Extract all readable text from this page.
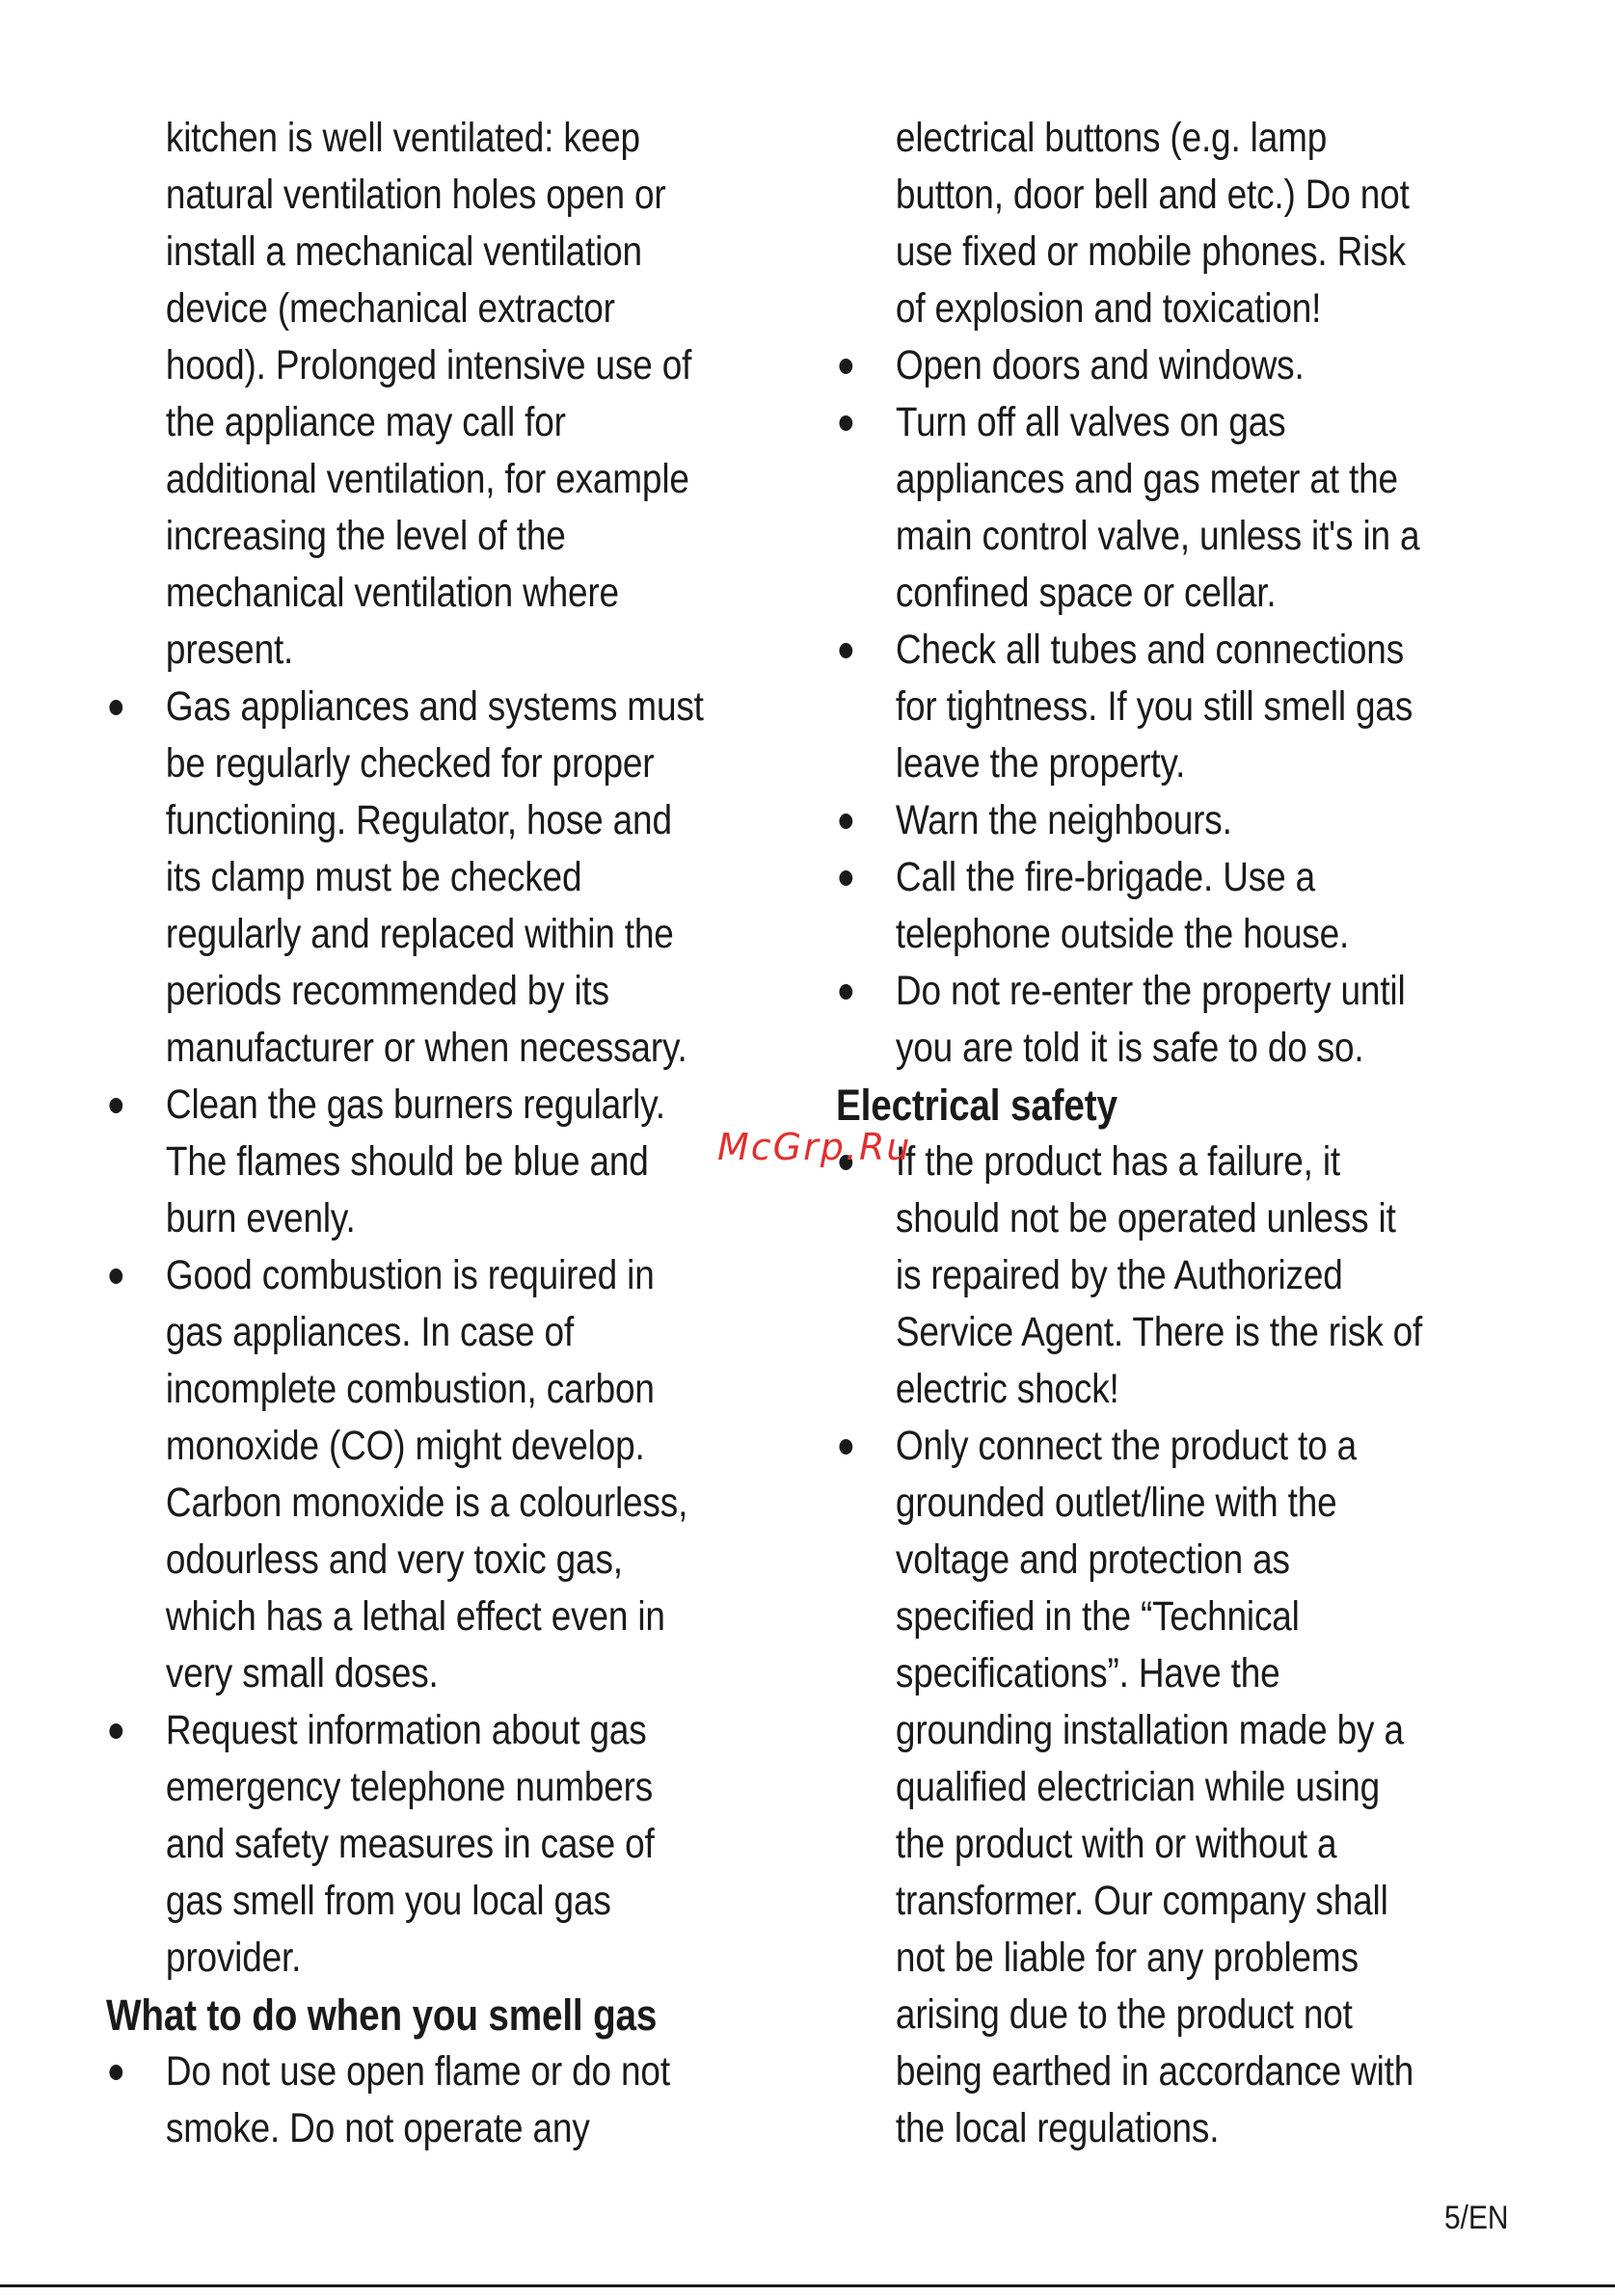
kitchen is well ventilated: keep
natural ventilation holes open or
install a mechanical ventilation
device (mechanical extractor
hood). Prolonged intensive use of
the appliance may call for
additional ventilation, for example
increasing the level of the
mechanical ventilation where
present.
Gas appliances and systems must
be regularly checked for proper
functioning. Regulator, hose and
its clamp must be checked
regularly and replaced within the
periods recommended by its
manufacturer or when necessary.
Clean the gas burners regularly.
The flames should be blue and
burn evenly.
Good combustion is required in
gas appliances. In case of
incomplete combustion, carbon
monoxide (CO) might develop.
Carbon monoxide is a colourless,
odourless and very toxic gas,
which has a lethal effect even in
very small doses.
Request information about gas
emergency telephone numbers
and safety measures in case of
gas smell from you local gas
provider.
What to do when you smell gas
Do not use open flame or do not
smoke. Do not operate any
electrical buttons (e.g. lamp
button, door bell and etc.) Do not
use fixed or mobile phones. Risk
of explosion and toxication!
Open doors and windows.
Turn off all valves on gas
appliances and gas meter at the
main control valve, unless it's in a
confined space or cellar.
Check all tubes and connections
for tightness. If you still smell gas
leave the property.
Warn the neighbours.
Call the fire-brigade. Use a
telephone outside the house.
Do not re-enter the property until
you are told it is safe to do so.
Electrical safety
If the product has a failure, it
should not be operated unless it
is repaired by the Authorized
Service Agent. There is the risk of
electric shock!
Only connect the product to a
grounded outlet/line with the
voltage and protection as
specified in the “Technical
specifications”. Have the
grounding installation made by a
qualified electrician while using
the product with or without a
transformer. Our company shall
not be liable for any problems
arising due to the product not
being earthed in accordance with
the local regulations.
McGrp.Ru
5/EN
